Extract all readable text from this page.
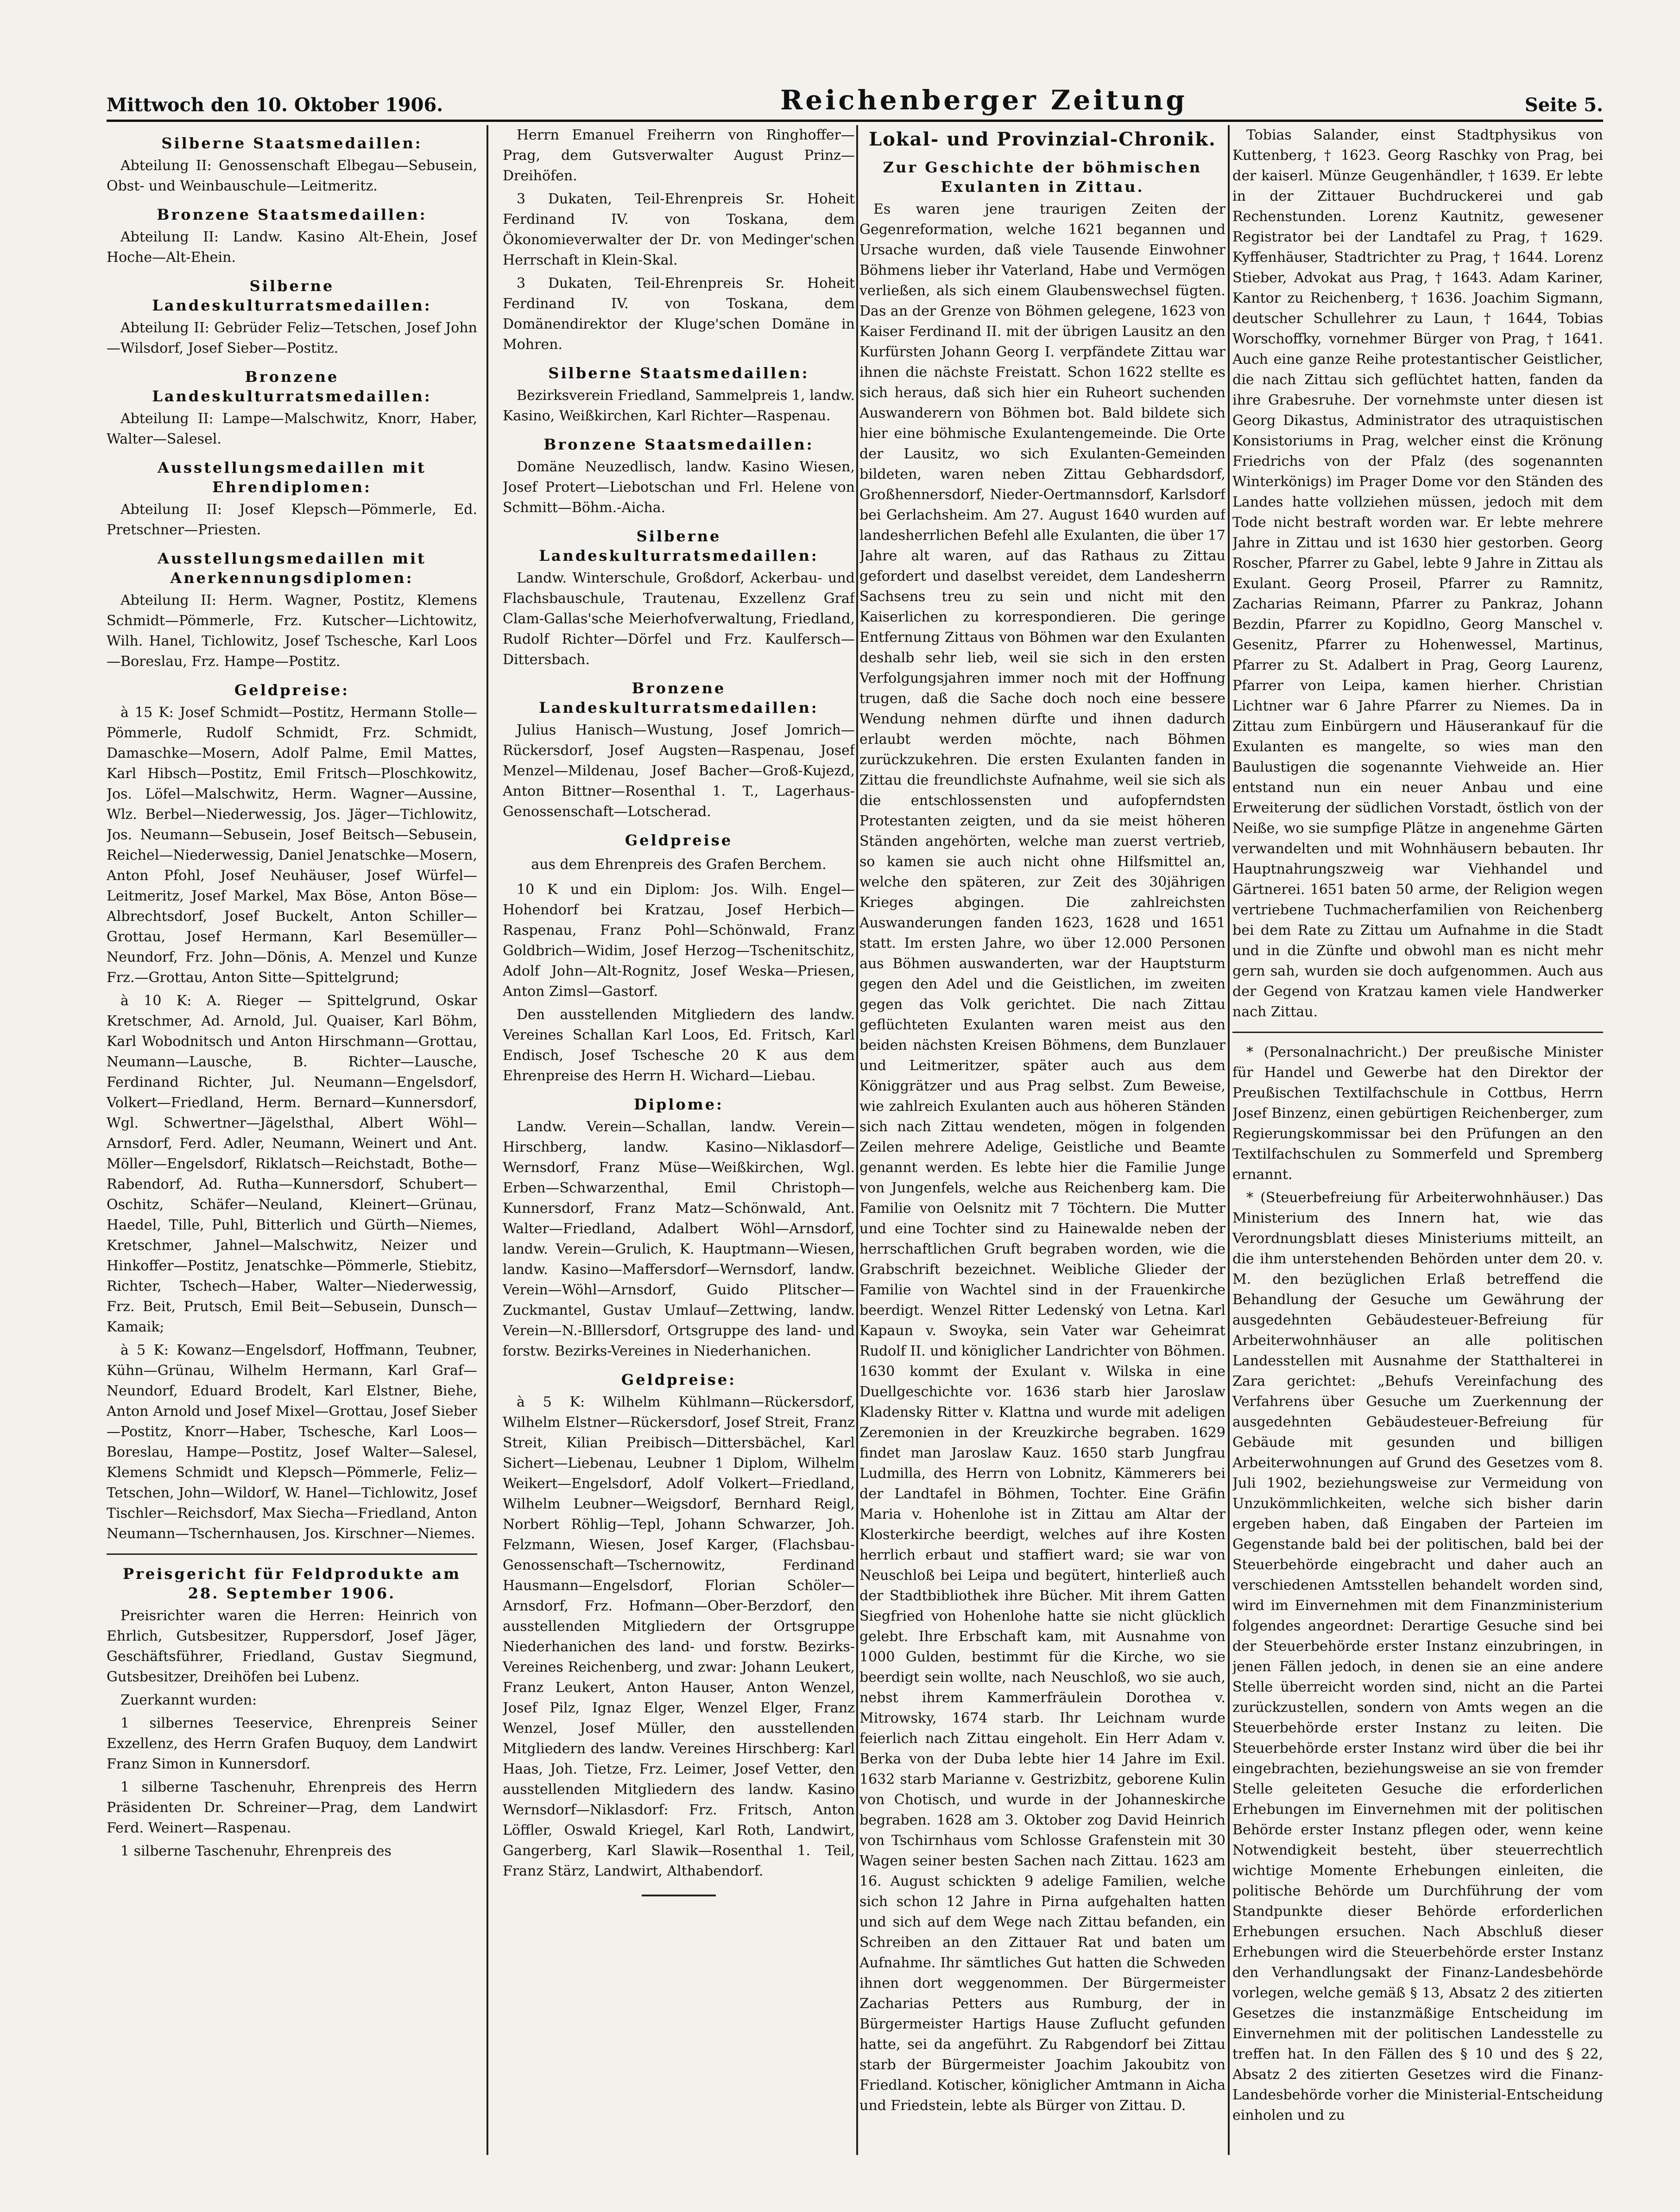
Mittwoch den 10. Oktober 1906.	Reichenberger Zeitung	Seite 5.
Silberne Staatsmedaillen:

Abteilung II: Genossenschaft Elbegau—Sebusein, Obst- und Weinbauschule—Leitmeritz.

Bronzene Staatsmedaillen:

Abteilung II: Landw. Kasino Alt-Ehein, Josef Hoche—Alt-Ehein.

Silberne Landeskulturratsmedaillen:

Abteilung II: Gebrüder Feliz—Tetschen, Josef John—Wilsdorf, Josef Sieber—Postitz.

Bronzene Landeskulturratsmedaillen:

Abteilung II: Lampe—Malschwitz, Knorr, Haber, Walter—Salesel.

Ausstellungsmedaillen mit Ehrendiplomen:

Abteilung II: Josef Klepsch—Pömmerle, Ed. Pretschner—Priesten.

Ausstellungsmedaillen mit Anerkennungsdiplomen:

Abteilung II: Herm. Wagner, Postitz, Klemens Schmidt—Pömmerle, Frz. Kutscher—Lichtowitz, Wilh. Hanel, Tichlowitz, Josef Tschesche, Karl Loos—Boreslau, Frz. Hampe—Postitz.

Geldpreise:

à 15 K: Josef Schmidt—Postitz, Hermann Stolle—Pömmerle, Rudolf Schmidt, Frz. Schmidt, Damaschke—Mosern, Adolf Palme, Emil Mattes, Karl Hibsch—Postitz, Emil Fritsch—Ploschkowitz, Jos. Löfel—Malschwitz, Herm. Wagner—Aussine, Wlz. Berbel—Niederwessig, Jos. Jäger—Tichlowitz, Jos. Neumann—Sebusein, Josef Beitsch—Sebusein, Reichel—Niederwessig, Daniel Jenatschke—Mosern, Anton Pfohl, Josef Neuhäuser, Josef Würfel—Leitmeritz, Josef Markel, Max Böse, Anton Böse—Albrechtsdorf, Josef Buckelt, Anton Schiller—Grottau, Josef Hermann, Karl Besemüller—Neundorf, Frz. John—Dönis, A. Menzel und Kunze Frz.—Grottau, Anton Sitte—Spittelgrund;

à 10 K: A. Rieger — Spittelgrund, Oskar Kretschmer, Ad. Arnold, Jul. Quaiser, Karl Böhm, Karl Wobodnitsch und Anton Hirschmann—Grottau, Neumann—Lausche, B. Richter—Lausche, Ferdinand Richter, Jul. Neumann—Engelsdorf, Volkert—Friedland, Herm. Bernard—Kunnersdorf, Wgl. Schwertner—Jägelsthal, Albert Wöhl—Arnsdorf, Ferd. Adler, Neumann, Weinert und Ant. Möller—Engelsdorf, Riklatsch—Reichstadt, Bothe—Rabendorf, Ad. Rutha—Kunnersdorf, Schubert—Oschitz, Schäfer—Neuland, Kleinert—Grünau, Haedel, Tille, Puhl, Bitterlich und Gürth—Niemes, Kretschmer, Jahnel—Malschwitz, Neizer und Hinkoffer—Postitz, Jenatschke—Pömmerle, Stiebitz, Richter, Tschech—Haber, Walter—Niederwessig, Frz. Beit, Prutsch, Emil Beit—Sebusein, Dunsch—Kamaik;

à 5 K: Kowanz—Engelsdorf, Hoffmann, Teubner, Kühn—Grünau, Wilhelm Hermann, Karl Graf—Neundorf, Eduard Brodelt, Karl Elstner, Biehe, Anton Arnold und Josef Mixel—Grottau, Josef Sieber—Postitz, Knorr—Haber, Tschesche, Karl Loos—Boreslau, Hampe—Postitz, Josef Walter—Salesel, Klemens Schmidt und Klepsch—Pömmerle, Feliz—Tetschen, John—Wildorf, W. Hanel—Tichlowitz, Josef Tischler—Reichsdorf, Max Siecha—Friedland, Anton Neumann—Tschernhausen, Jos. Kirschner—Niemes.

Preisgericht für Feldprodukte am 28. September 1906.

Preisrichter waren die Herren: Heinrich von Ehrlich, Gutsbesitzer, Ruppersdorf, Josef Jäger, Geschäftsführer, Friedland, Gustav Siegmund, Gutsbesitzer, Dreihöfen bei Lubenz.

Zuerkannt wurden:

1 silbernes Teeservice, Ehrenpreis Seiner Exzellenz, des Herrn Grafen Buquoy, dem Landwirt Franz Simon in Kunnersdorf.

1 silberne Taschenuhr, Ehrenpreis des Herrn Präsidenten Dr. Schreiner—Prag, dem Landwirt Ferd. Weinert—Raspenau.

1 silberne Taschenuhr, Ehrenpreis des

Herrn Emanuel Freiherrn von Ringhoffer—Prag, dem Gutsverwalter August Prinz—Dreihöfen.

3 Dukaten, Teil-Ehrenpreis Sr. Hoheit Ferdinand IV. von Toskana, dem Ökonomieverwalter der Dr. von Medinger'schen Herrschaft in Klein-Skal.

3 Dukaten, Teil-Ehrenpreis Sr. Hoheit Ferdinand IV. von Toskana, dem Domänendirektor der Kluge'schen Domäne in Mohren.

Silberne Staatsmedaillen:

Bezirksverein Friedland, Sammelpreis 1, landw. Kasino, Weißkirchen, Karl Richter—Raspenau.

Bronzene Staatsmedaillen:

Domäne Neuzedlisch, landw. Kasino Wiesen, Josef Protert—Liebotschan und Frl. Helene von Schmitt—Böhm.-Aicha.

Silberne Landeskulturratsmedaillen:

Landw. Winterschule, Großdorf, Ackerbau- und Flachsbauschule, Trautenau, Exzellenz Graf Clam-Gallas'sche Meierhofverwaltung, Friedland, Rudolf Richter—Dörfel und Frz. Kaulfersch—Dittersbach.

Bronzene Landeskulturratsmedaillen:

Julius Hanisch—Wustung, Josef Jomrich—Rückersdorf, Josef Augsten—Raspenau, Josef Menzel—Mildenau, Josef Bacher—Groß-Kujezd, Anton Bittner—Rosenthal 1. T., Lagerhaus-Genossenschaft—Lotscherad.

Geldpreise
aus dem Ehrenpreis des Grafen Berchem.

10 K und ein Diplom: Jos. Wilh. Engel—Hohendorf bei Kratzau, Josef Herbich—Raspenau, Franz Pohl—Schönwald, Franz Goldbrich—Widim, Josef Herzog—Tschenitschitz, Adolf John—Alt-Rognitz, Josef Weska—Priesen, Anton Zimsl—Gastorf.

Den ausstellenden Mitgliedern des landw. Vereines Schallan Karl Loos, Ed. Fritsch, Karl Endisch, Josef Tschesche 20 K aus dem Ehrenpreise des Herrn H. Wichard—Liebau.

Diplome:

Landw. Verein—Schallan, landw. Verein—Hirschberg, landw. Kasino—Niklasdorf—Wernsdorf, Franz Müse—Weißkirchen, Wgl. Erben—Schwarzenthal, Emil Christoph—Kunnersdorf, Franz Matz—Schönwald, Ant. Walter—Friedland, Adalbert Wöhl—Arnsdorf, landw. Verein—Grulich, K. Hauptmann—Wiesen, landw. Kasino—Maffersdorf—Wernsdorf, landw. Verein—Wöhl—Arnsdorf, Guido Plitscher—Zuckmantel, Gustav Umlauf—Zettwing, landw. Verein—N.-Blllersdorf, Ortsgruppe des land- und forstw. Bezirks-Vereines in Niederhanichen.

Geldpreise:

à 5 K: Wilhelm Kühlmann—Rückersdorf, Wilhelm Elstner—Rückersdorf, Josef Streit, Franz Streit, Kilian Preibisch—Dittersbächel, Karl Sichert—Liebenau, Leubner 1 Diplom, Wilhelm Weikert—Engelsdorf, Adolf Volkert—Friedland, Wilhelm Leubner—Weigsdorf, Bernhard Reigl, Norbert Röhlig—Tepl, Johann Schwarzer, Joh. Felzmann, Wiesen, Josef Karger, (Flachsbau-Genossenschaft—Tschernowitz, Ferdinand Hausmann—Engelsdorf, Florian Schöler—Arnsdorf, Frz. Hofmann—Ober-Berzdorf, den ausstellenden Mitgliedern der Ortsgruppe Niederhanichen des land- und forstw. Bezirks-Vereines Reichenberg, und zwar: Johann Leukert, Franz Leukert, Anton Hauser, Anton Wenzel, Josef Pilz, Ignaz Elger, Wenzel Elger, Franz Wenzel, Josef Müller, den ausstellenden Mitgliedern des landw. Vereines Hirschberg: Karl Haas, Joh. Tietze, Frz. Leimer, Josef Vetter, den ausstellenden Mitgliedern des landw. Kasino Wernsdorf—Niklasdorf: Frz. Fritsch, Anton Löffler, Oswald Kriegel, Karl Roth, Landwirt, Gangerberg, Karl Slawik—Rosenthal 1. Teil, Franz Stärz, Landwirt, Althabendorf.

Lokal- und Provinzial-Chronik.
Zur Geschichte der böhmischen Exulanten in Zittau.

Es waren jene traurigen Zeiten der Gegenreformation, welche 1621 begannen und Ursache wurden, daß viele Tausende Einwohner Böhmens lieber ihr Vaterland, Habe und Vermögen verließen, als sich einem Glaubenswechsel fügten. Das an der Grenze von Böhmen gelegene, 1623 von Kaiser Ferdinand II. mit der übrigen Lausitz an den Kurfürsten Johann Georg I. verpfändete Zittau war ihnen die nächste Freistatt. Schon 1622 stellte es sich heraus, daß sich hier ein Ruheort suchenden Auswanderern von Böhmen bot. Bald bildete sich hier eine böhmische Exulantengemeinde. Die Orte der Lausitz, wo sich Exulanten-Gemeinden bildeten, waren neben Zittau Gebhardsdorf, Großhennersdorf, Nieder-Oertmannsdorf, Karlsdorf bei Gerlachsheim. Am 27. August 1640 wurden auf landesherrlichen Befehl alle Exulanten, die über 17 Jahre alt waren, auf das Rathaus zu Zittau gefordert und daselbst vereidet, dem Landesherrn Sachsens treu zu sein und nicht mit den Kaiserlichen zu korrespondieren. Die geringe Entfernung Zittaus von Böhmen war den Exulanten deshalb sehr lieb, weil sie sich in den ersten Verfolgungsjahren immer noch mit der Hoffnung trugen, daß die Sache doch noch eine bessere Wendung nehmen dürfte und ihnen dadurch erlaubt werden möchte, nach Böhmen zurückzukehren. Die ersten Exulanten fanden in Zittau die freundlichste Aufnahme, weil sie sich als die entschlossensten und aufopferndsten Protestanten zeigten, und da sie meist höheren Ständen angehörten, welche man zuerst vertrieb, so kamen sie auch nicht ohne Hilfsmittel an, welche den späteren, zur Zeit des 30jährigen Krieges abgingen. Die zahlreichsten Auswanderungen fanden 1623, 1628 und 1651 statt. Im ersten Jahre, wo über 12.000 Personen aus Böhmen auswanderten, war der Hauptsturm gegen den Adel und die Geistlichen, im zweiten gegen das Volk gerichtet. Die nach Zittau geflüchteten Exulanten waren meist aus den beiden nächsten Kreisen Böhmens, dem Bunzlauer und Leitmeritzer, später auch aus dem Königgrätzer und aus Prag selbst. Zum Beweise, wie zahlreich Exulanten auch aus höheren Ständen sich nach Zittau wendeten, mögen in folgenden Zeilen mehrere Adelige, Geistliche und Beamte genannt werden. Es lebte hier die Familie Junge von Jungenfels, welche aus Reichenberg kam. Die Familie von Oelsnitz mit 7 Töchtern. Die Mutter und eine Tochter sind zu Hainewalde neben der herrschaftlichen Gruft begraben worden, wie die Grabschrift bezeichnet. Weibliche Glieder der Familie von Wachtel sind in der Frauenkirche beerdigt. Wenzel Ritter Ledenský von Letna. Karl Kapaun v. Swoyka, sein Vater war Geheimrat Rudolf II. und königlicher Landrichter von Böhmen. 1630 kommt der Exulant v. Wilska in eine Duellgeschichte vor. 1636 starb hier Jaroslaw Kladensky Ritter v. Klattna und wurde mit adeligen Zeremonien in der Kreuzkirche begraben. 1629 findet man Jaroslaw Kauz. 1650 starb Jungfrau Ludmilla, des Herrn von Lobnitz, Kämmerers bei der Landtafel in Böhmen, Tochter. Eine Gräfin Maria v. Hohenlohe ist in Zittau am Altar der Klosterkirche beerdigt, welches auf ihre Kosten herrlich erbaut und staffiert ward; sie war von Neuschloß bei Leipa und begütert, hinterließ auch der Stadtbibliothek ihre Bücher. Mit ihrem Gatten Siegfried von Hohenlohe hatte sie nicht glücklich gelebt. Ihre Erbschaft kam, mit Ausnahme von 1000 Gulden, bestimmt für die Kirche, wo sie beerdigt sein wollte, nach Neuschloß, wo sie auch, nebst ihrem Kammerfräulein Dorothea v. Mitrowsky, 1674 starb. Ihr Leichnam wurde feierlich nach Zittau eingeholt. Ein Herr Adam v. Berka von der Duba lebte hier 14 Jahre im Exil. 1632 starb Marianne v. Gestrizbitz, geborene Kulin von Chotisch, und wurde in der Johanneskirche begraben. 1628 am 3. Oktober zog David Heinrich von Tschirnhaus vom Schlosse Grafenstein mit 30 Wagen seiner besten Sachen nach Zittau. 1623 am 16. August schickten 9 adelige Familien, welche sich schon 12 Jahre in Pirna aufgehalten hatten und sich auf dem Wege nach Zittau befanden, ein Schreiben an den Zittauer Rat und baten um Aufnahme. Ihr sämtliches Gut hatten die Schweden ihnen dort weggenommen. Der Bürgermeister Zacharias Petters aus Rumburg, der in Bürgermeister Hartigs Hause Zuflucht gefunden hatte, sei da angeführt. Zu Rabgendorf bei Zittau starb der Bürgermeister Joachim Jakoubitz von Friedland. Kotischer, königlicher Amtmann in Aicha und Friedstein, lebte als Bürger von Zittau. D.

Tobias Salander, einst Stadtphysikus von Kuttenberg, † 1623. Georg Raschky von Prag, bei der kaiserl. Münze Geugenhändler, † 1639. Er lebte in der Zittauer Buchdruckerei und gab Rechenstunden. Lorenz Kautnitz, gewesener Registrator bei der Landtafel zu Prag, † 1629. Kyffenhäuser, Stadtrichter zu Prag, † 1644. Lorenz Stieber, Advokat aus Prag, † 1643. Adam Kariner, Kantor zu Reichenberg, † 1636. Joachim Sigmann, deutscher Schullehrer zu Laun, † 1644, Tobias Worschoffky, vornehmer Bürger von Prag, † 1641. Auch eine ganze Reihe protestantischer Geistlicher, die nach Zittau sich geflüchtet hatten, fanden da ihre Grabesruhe. Der vornehmste unter diesen ist Georg Dikastus, Administrator des utraquistischen Konsistoriums in Prag, welcher einst die Krönung Friedrichs von der Pfalz (des sogenannten Winterkönigs) im Prager Dome vor den Ständen des Landes hatte vollziehen müssen, jedoch mit dem Tode nicht bestraft worden war. Er lebte mehrere Jahre in Zittau und ist 1630 hier gestorben. Georg Roscher, Pfarrer zu Gabel, lebte 9 Jahre in Zittau als Exulant. Georg Proseil, Pfarrer zu Ramnitz, Zacharias Reimann, Pfarrer zu Pankraz, Johann Bezdin, Pfarrer zu Kopidlno, Georg Manschel v. Gesenitz, Pfarrer zu Hohenwessel, Martinus, Pfarrer zu St. Adalbert in Prag, Georg Laurenz, Pfarrer von Leipa, kamen hierher. Christian Lichtner war 6 Jahre Pfarrer zu Niemes. Da in Zittau zum Einbürgern und Häuserankauf für die Exulanten es mangelte, so wies man den Baulustigen die sogenannte Viehweide an. Hier entstand nun ein neuer Anbau und eine Erweiterung der südlichen Vorstadt, östlich von der Neiße, wo sie sumpfige Plätze in angenehme Gärten verwandelten und mit Wohnhäusern bebauten. Ihr Hauptnahrungszweig war Viehhandel und Gärtnerei. 1651 baten 50 arme, der Religion wegen vertriebene Tuchmacherfamilien von Reichenberg bei dem Rate zu Zittau um Aufnahme in die Stadt und in die Zünfte und obwohl man es nicht mehr gern sah, wurden sie doch aufgenommen. Auch aus der Gegend von Kratzau kamen viele Handwerker nach Zittau.

* (Personalnachricht.) Der preußische Minister für Handel und Gewerbe hat den Direktor der Preußischen Textilfachschule in Cottbus, Herrn Josef Binzenz, einen gebürtigen Reichenberger, zum Regierungskommissar bei den Prüfungen an den Textilfachschulen zu Sommerfeld und Spremberg ernannt.

* (Steuerbefreiung für Arbeiterwohnhäuser.) Das Ministerium des Innern hat, wie das Verordnungsblatt dieses Ministeriums mitteilt, an die ihm unterstehenden Behörden unter dem 20. v. M. den bezüglichen Erlaß betreffend die Behandlung der Gesuche um Gewährung der ausgedehnten Gebäudesteuer-Befreiung für Arbeiterwohnhäuser an alle politischen Landesstellen mit Ausnahme der Statthalterei in Zara gerichtet: „Behufs Vereinfachung des Verfahrens über Gesuche um Zuerkennung der ausgedehnten Gebäudesteuer-Befreiung für Gebäude mit gesunden und billigen Arbeiterwohnungen auf Grund des Gesetzes vom 8. Juli 1902, beziehungsweise zur Vermeidung von Unzukömmlichkeiten, welche sich bisher darin ergeben haben, daß Eingaben der Parteien im Gegenstande bald bei der politischen, bald bei der Steuerbehörde eingebracht und daher auch an verschiedenen Amtsstellen behandelt worden sind, wird im Einvernehmen mit dem Finanzministerium folgendes angeordnet: Derartige Gesuche sind bei der Steuerbehörde erster Instanz einzubringen, in jenen Fällen jedoch, in denen sie an eine andere Stelle überreicht worden sind, nicht an die Partei zurückzustellen, sondern von Amts wegen an die Steuerbehörde erster Instanz zu leiten. Die Steuerbehörde erster Instanz wird über die bei ihr eingebrachten, beziehungsweise an sie von fremder Stelle geleiteten Gesuche die erforderlichen Erhebungen im Einvernehmen mit der politischen Behörde erster Instanz pflegen oder, wenn keine Notwendigkeit besteht, über steuerrechtlich wichtige Momente Erhebungen einleiten, die politische Behörde um Durchführung der vom Standpunkte dieser Behörde erforderlichen Erhebungen ersuchen. Nach Abschluß dieser Erhebungen wird die Steuerbehörde erster Instanz den Verhandlungsakt der Finanz-Landesbehörde vorlegen, welche gemäß § 13, Absatz 2 des zitierten Gesetzes die instanzmäßige Entscheidung im Einvernehmen mit der politischen Landesstelle zu treffen hat. In den Fällen des § 10 und des § 22, Absatz 2 des zitierten Gesetzes wird die Finanz-Landesbehörde vorher die Ministerial-Entscheidung einholen und zu
